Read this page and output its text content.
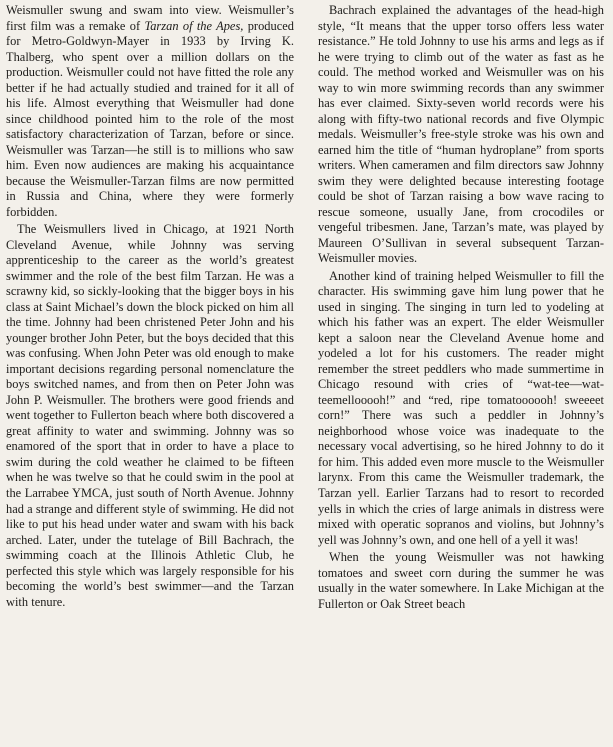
Weismuller swung and swam into view. Weismuller’s first film was a remake of Tarzan of the Apes, produced for Metro-Goldwyn-Mayer in 1933 by Irving K. Thalberg, who spent over a million dollars on the production. Weismuller could not have fitted the role any better if he had actually studied and trained for it all of his life. Almost everything that Weismuller had done since childhood pointed him to the role of the most satisfactory characterization of Tarzan, before or since. Weismuller was Tarzan—he still is to millions who saw him. Even now audiences are making his acquaintance because the Weismuller-Tarzan films are now permitted in Russia and China, where they were formerly forbidden.

The Weismullers lived in Chicago, at 1921 North Cleveland Avenue, while Johnny was serving apprenticeship to the career as the world’s greatest swimmer and the role of the best film Tarzan. He was a scrawny kid, so sickly-looking that the bigger boys in his class at Saint Michael’s down the block picked on him all the time. Johnny had been christened Peter John and his younger brother John Peter, but the boys decided that this was confusing. When John Peter was old enough to make important decisions regarding personal nomenclature the boys switched names, and from then on Peter John was John P. Weismuller. The brothers were good friends and went together to Fullerton beach where both discovered a great affinity to water and swimming. Johnny was so enamored of the sport that in order to have a place to swim during the cold weather he claimed to be fifteen when he was twelve so that he could swim in the pool at the Larrabee YMCA, just south of North Avenue. Johnny had a strange and different style of swimming. He did not like to put his head under water and swam with his back arched. Later, under the tutelage of Bill Bachrach, the swimming coach at the Illinois Athletic Club, he perfected this style which was largely responsible for his becoming the world’s best swimmer—and the Tarzan with tenure.

Bachrach explained the advantages of the head-high style, “It means that the upper torso offers less water resistance.” He told Johnny to use his arms and legs as if he were trying to climb out of the water as fast as he could. The method worked and Weismuller was on his way to win more swimming records than any swimmer has ever claimed. Sixty-seven world records were his along with fifty-two national records and five Olympic medals. Weismuller’s free-style stroke was his own and earned him the title of “human hydroplane” from sports writers. When cameramen and film directors saw Johnny swim they were delighted because interesting footage could be shot of Tarzan raising a bow wave racing to rescue someone, usually Jane, from crocodiles or vengeful tribesmen. Jane, Tarzan’s mate, was played by Maureen O’Sullivan in several subsequent Tarzan-Weismuller movies.

Another kind of training helped Weismuller to fill the character. His swimming gave him lung power that he used in singing. The singing in turn led to yodeling at which his father was an expert. The elder Weismuller kept a saloon near the Cleveland Avenue home and yodeled a lot for his customers. The reader might remember the street peddlers who made summertime in Chicago resound with cries of “wat-tee—wat-teemellooooh!” and “red, ripe tomatoooooh! sweeeet corn!” There was such a peddler in Johnny’s neighborhood whose voice was inadequate to the necessary vocal advertising, so he hired Johnny to do it for him. This added even more muscle to the Weismuller larynx. From this came the Weismuller trademark, the Tarzan yell. Earlier Tarzans had to resort to recorded yells in which the cries of large animals in distress were mixed with operatic sopranos and violins, but Johnny’s yell was Johnny’s own, and one hell of a yell it was!

When the young Weismuller was not hawking tomatoes and sweet corn during the summer he was usually in the water somewhere. In Lake Michigan at the Fullerton or Oak Street beach
